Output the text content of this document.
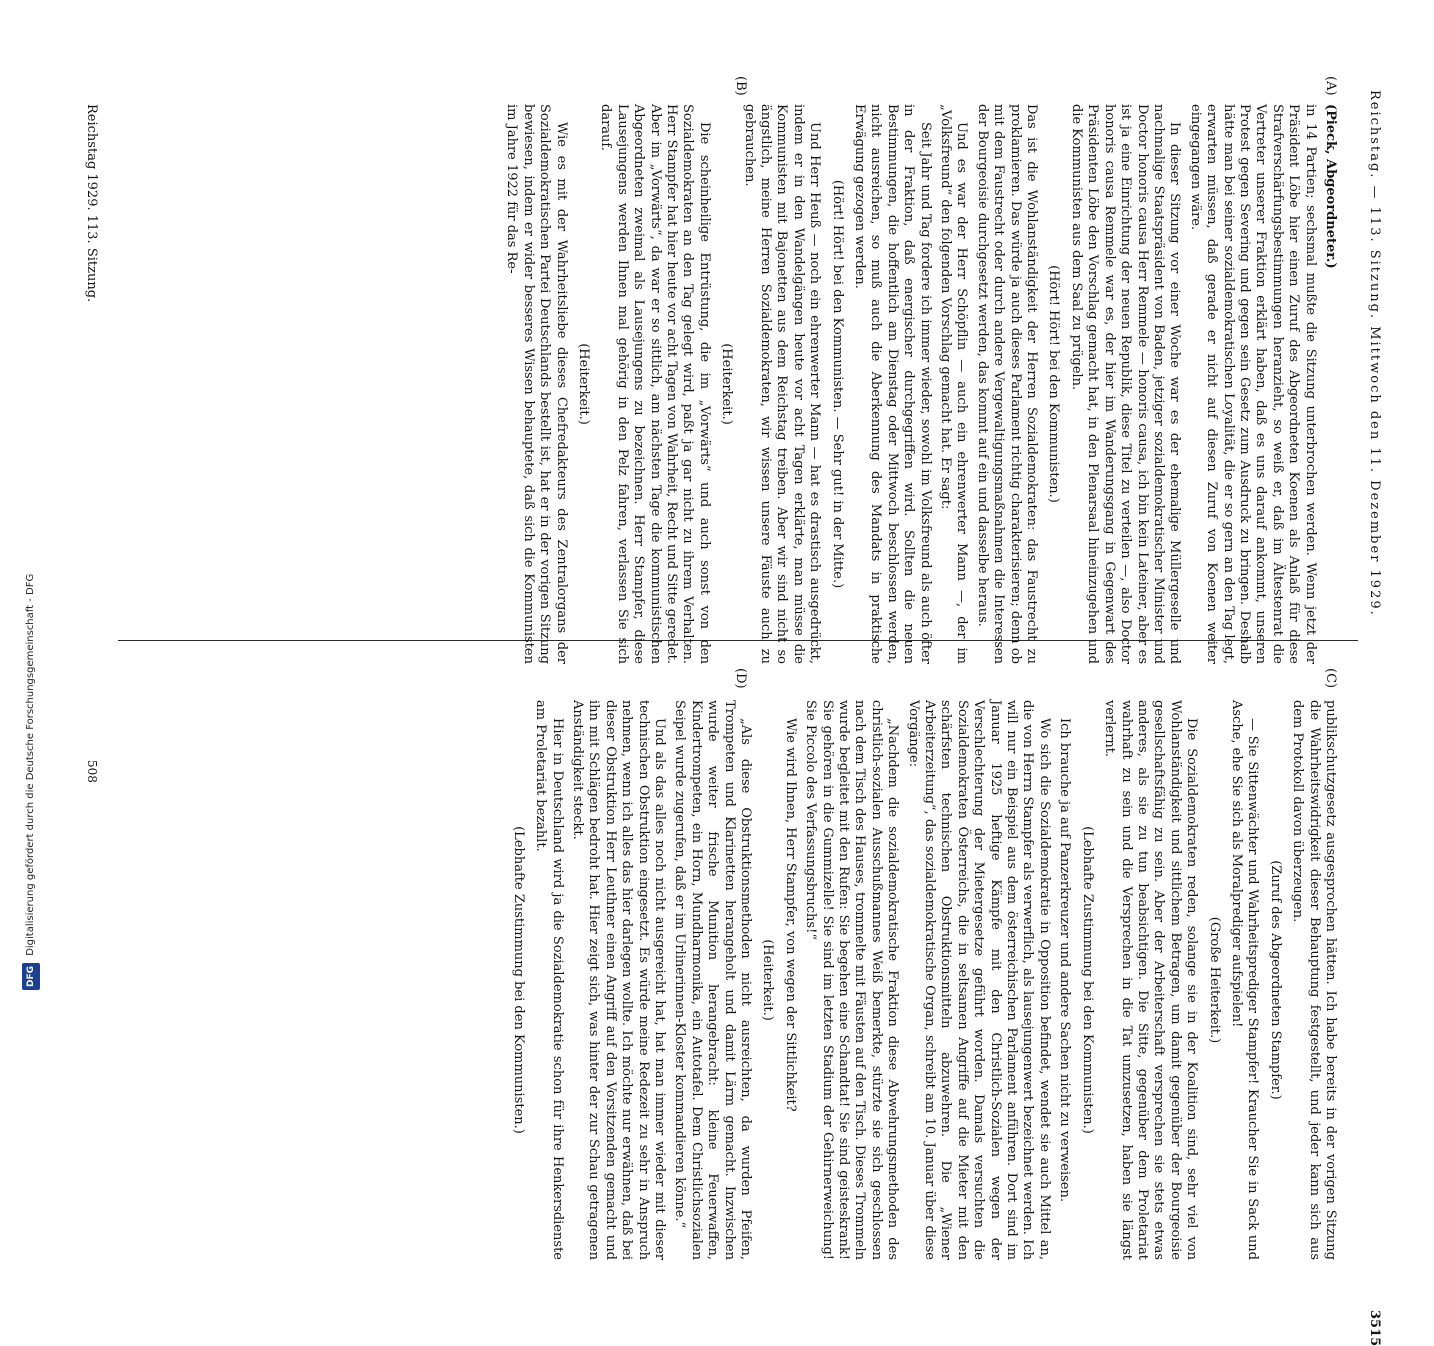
Reichstag. — 113. Sitzung. Mittwoch den 11. Dezember 1929.
3515
(A)
(B)
(C)
(D)

(Pieck, Abgeordneter.)

in 14 Partien; sechsmal mußte die Sitzung unterbrochen werden. Wenn jetzt der Präsident Löbe hier einen Zuruf des Abgeordneten Koenen als Anlaß für diese Strafverschärfungsbestimmungen heranzieht, so weiß er, daß im Ältestenrat die Vertreter unserer Fraktion erklärt haben, daß es uns darauf ankommt, unseren Protest gegen Severing und gegen sein Gesetz zum Ausdruck zu bringen. Deshalb hätte man bei seiner sozialdemokratischen Loyalität, die er so gern an den Tag legt, erwarten müssen, daß gerade er nicht auf diesen Zuruf von Koenen weiter eingegangen wäre.

In dieser Sitzung vor einer Woche war es der ehemalige Müllergeselle und nachmalige Staatspräsident von Baden, jetziger sozialdemokratischer Minister und Doctor honoris causa Herr Remmele — honoris causa, ich bin kein Lateiner, aber es ist ja eine Einrichtung der neuen Republik, diese Titel zu verteilen —, also Doctor honoris causa Remmele war es, der hier im Wanderungsgang in Gegenwart des Präsidenten Löbe den Vorschlag gemacht hat, in den Plenarsaal hineinzugehen und die Kommunisten aus dem Saal zu prügeln.

(Hört! Hört! bei den Kommunisten.)

Das ist die Wohlanständigkeit der Herren Sozialdemokraten: das Faustrecht zu proklamieren. Das würde ja auch dieses Parlament richtig charakterisieren; denn ob mit dem Faustrecht oder durch andere Vergewaltigungsmaßnahmen die Interessen der Bourgeoisie durchgesetzt werden, das kommt auf ein und dasselbe heraus.

Und es war der Herr Schöpflin — auch ein ehrenwerter Mann —, der im „Volksfreund“ den folgenden Vorschlag gemacht hat. Er sagt:

Seit Jahr und Tag fordere ich immer wieder, sowohl im Volksfreund als auch öfter in der Fraktion, daß energischer durchgegriffen wird. Sollten die neuen Bestimmungen, die hoffentlich am Dienstag oder Mittwoch beschlossen werden, nicht ausreichen, so muß auch die Aberkennung des Mandats in praktische Erwägung gezogen werden.

(Hört! Hört! bei den Kommunisten. — Sehr gut! in der Mitte.)

Und Herr Heuß — noch ein ehrenwerter Mann — hat es drastisch ausgedrückt, indem er in den Wandelgängen heute vor acht Tagen erklärte, man müsse die Kommunisten mit Bajonetten aus dem Reichstag treiben. Aber wir sind nicht so ängstlich, meine Herren Sozialdemokraten, wir wissen unsere Fäuste auch zu gebrauchen.

(Heiterkeit.)

Die scheinheilige Entrüstung, die im „Vorwärts“ und auch sonst von den Sozialdemokraten an den Tag gelegt wird, paßt ja gar nicht zu ihrem Verhalten. Herr Stampfer hat hier heute vor acht Tagen von Wahrheit, Recht und Sitte geredet. Aber im „Vorwärts“, da war er so sittlich, am nächsten Tage die kommunistischen Abgeordneten zweimal als Lausejungens zu bezeichnen. Herr Stampfer, diese Lausejungens werden Ihnen mal gehörig in den Pelz fahren, verlassen Sie sich darauf.

(Heiterkeit.)

Wie es mit der Wahrheitsliebe dieses Chefredakteurs des Zentralorgans der Sozialdemokratischen Partei Deutschlands bestellt ist, hat er in der vorigen Sitzung bewiesen, indem er wider besseres Wissen behauptete, daß sich die Kommunisten im Jahre 1922 für das Re-

publikschutzgesetz ausgesprochen hätten. Ich habe bereits in der vorigen Sitzung die Wahrheitswidrigkeit dieser Behauptung festgestellt, und jeder kann sich aus dem Protokoll davon überzeugen.

(Zuruf des Abgeordneten Stampfer.)

— Sie Sittenwächter und Wahrheitsprediger Stampfer! Kraucher Sie in Sack und Asche, ehe Sie sich als Moralprediger aufspielen!

(Große Heiterkeit.)

Die Sozialdemokraten reden, solange sie in der Koalition sind, sehr viel von Wohlanständigkeit und sittlichem Betragen, um damit gegenüber der Bourgeoisie gesellschaftsfähig zu sein. Aber der Arbeiterschaft versprechen sie stets etwas anderes, als sie zu tun beabsichtigen. Die Sitte, gegenüber dem Proletariat wahrhaft zu sein und die Versprechen in die Tat umzusetzen, haben sie längst verlernt.

(Lebhafte Zustimmung bei den Kommunisten.)

Ich brauche ja auf Panzerkreuzer und andere Sachen nicht zu verweisen.

Wo sich die Sozialdemokratie in Opposition befindet, wendet sie auch Mittel an, die von Herrn Stampfer als verwerflich, als lausejungenwert bezeichnet werden. Ich will nur ein Beispiel aus dem österreichischen Parlament anführen. Dort sind im Januar 1925 heftige Kämpfe mit den Christlich-Sozialen wegen der Verschlechterung der Mietergesetze geführt worden. Damals versuchten die Sozialdemokraten Österreichs, die in seltsamen Angriffe auf die Mieter mit den schärfsten technischen Obstruktionsmitteln abzuwehren. Die „Wiener Arbeiterzeitung“, das sozialdemokratische Organ, schreibt am 10. Januar über diese Vorgänge:

„Nachdem die sozialdemokratische Fraktion diese Abwehrungsmethoden des christlich-sozialen Ausschußmannes Weiß bemerkte, stürzte sie sich geschlossen nach dem Tisch des Hauses, trommelte mit Fäusten auf den Tisch. Dieses Trommeln wurde begleitet mit den Rufen: Sie begehen eine Schandtat! Sie sind geisteskrank! Sie gehören in die Gummizelle! Sie sind im letzten Stadium der Gehirnerweichung! Sie Piccolo des Verfassungsbruchs!“

Wie wird Ihnen, Herr Stampfer, von wegen der Sittlichkeit?

(Heiterkeit.)

„Als diese Obstruktionsmethoden nicht ausreichten, da wurden Pfeifen, Trompeten und Klarinetten herangeholt und damit Lärm gemacht. Inzwischen wurde weiter frische Munition herangebracht: kleine Feuerwaffen, Kindertrompeten, ein Horn, Mundharmonika, ein Autotafel. Dem Christlichsozialen Seipel wurde zugerufen, daß er im Urlinerinnen-Kloster kommandieren könne.“

Und als das alles noch nicht ausgereicht hat, hat man immer wieder mit dieser technischen Obstruktion eingesetzt. Es würde meine Redezeit zu sehr in Anspruch nehmen, wenn ich alles das hier darlegen wollte. Ich möchte nur erwähnen, daß bei dieser Obstruktion Herr Leuthner einen Angriff auf den Vorsitzenden gemacht und ihn mit Schlägen bedroht hat. Hier zeigt sich, was hinter der zur Schau getragenen Anständigkeit steckt.

Hier in Deutschland wird ja die Sozialdemokratie schon für ihre Henkersdienste am Proletariat bezahlt.

(Lebhafte Zustimmung bei den Kommunisten.)

Reichstag 1929. 113. Sitzung.
508
DFG Digitalisierung gefördert durch die Deutsche Forschungsgemeinschaft - DFG
